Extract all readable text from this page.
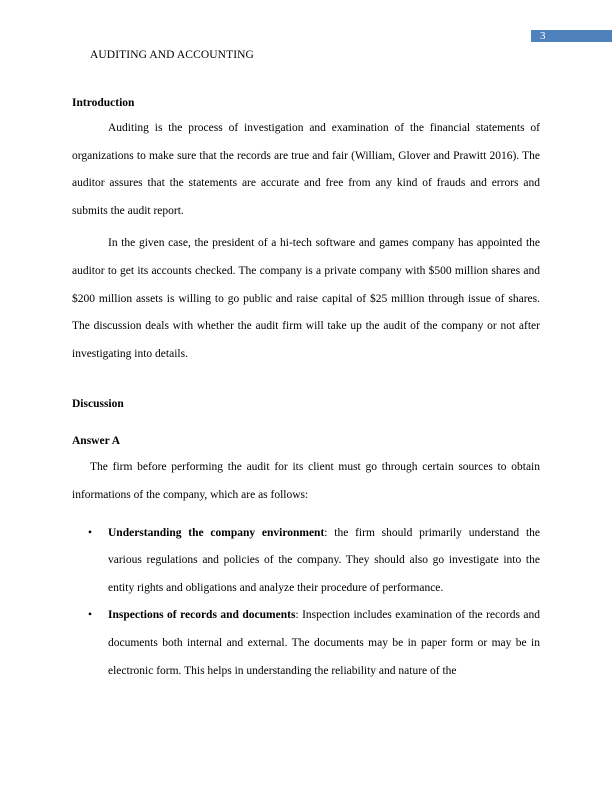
3
AUDITING AND ACCOUNTING

Introduction

Auditing is the process of investigation and examination of the financial statements of organizations to make sure that the records are true and fair (William, Glover and Prawitt 2016). The auditor assures that the statements are accurate and free from any kind of frauds and errors and submits the audit report.

In the given case, the president of a hi-tech software and games company has appointed the auditor to get its accounts checked. The company is a private company with $500 million shares and $200 million assets is willing to go public and raise capital of $25 million through issue of shares. The discussion deals with whether the audit firm will take up the audit of the company or not after investigating into details.

Discussion

Answer A

The firm before performing the audit for its client must go through certain sources to obtain informations of the company, which are as follows:

• Understanding the company environment: the firm should primarily understand the various regulations and policies of the company. They should also go investigate into the entity rights and obligations and analyze their procedure of performance.
• Inspections of records and documents: Inspection includes examination of the records and documents both internal and external. The documents may be in paper form or may be in electronic form. This helps in understanding the reliability and nature of the
